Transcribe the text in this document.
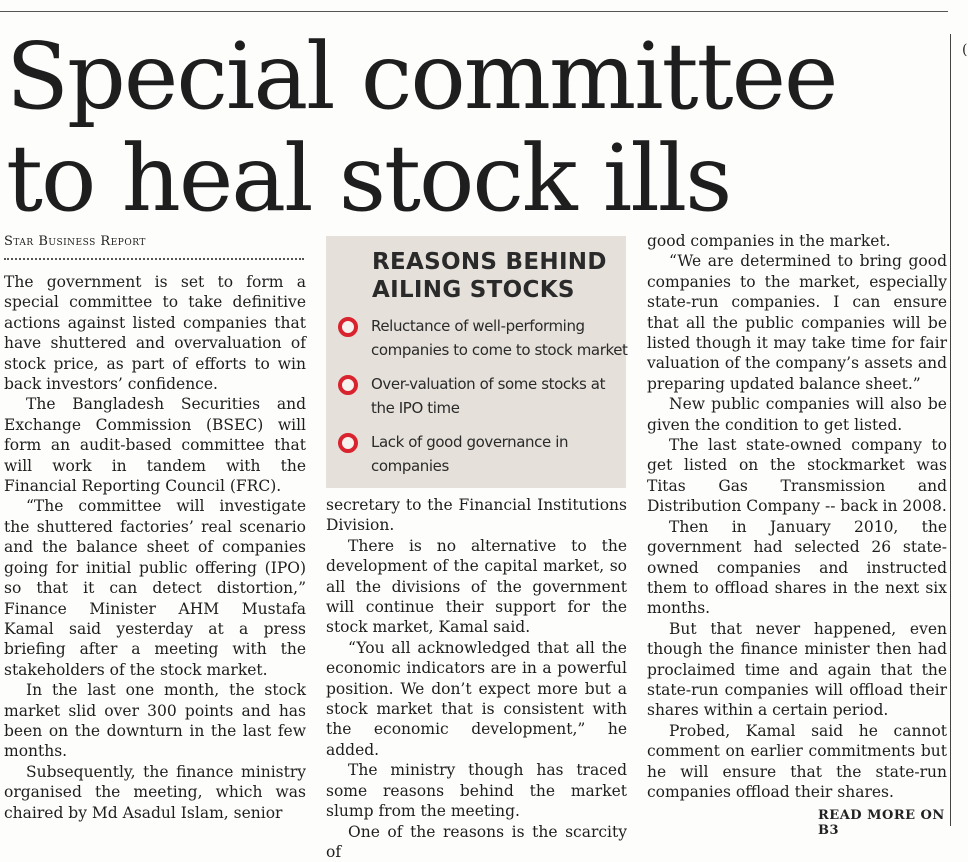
(
Special committee
to heal stock ills
Star Business Report

The government is set to form a special committee to take definitive actions against listed companies that have shuttered and overvaluation of stock price, as part of efforts to win back investors’ confidence.

The Bangladesh Securities and Exchange Commission (BSEC) will form an audit-based committee that will work in tandem with the Financial Reporting Council (FRC).

“The committee will investigate the shuttered factories’ real scenario and the balance sheet of companies going for initial public offering (IPO) so that it can detect distortion,” Finance Minister AHM Mustafa Kamal said yesterday at a press briefing after a meeting with the stakeholders of the stock market.

In the last one month, the stock market slid over 300 points and has been on the downturn in the last few months.

Subsequently, the finance ministry organised the meeting, which was chaired by Md Asadul Islam, senior

REASONS BEHIND
AILING STOCKS
Reluctance of well-performing
companies to come to stock market
Over-valuation of some stocks at
the IPO time
Lack of good governance in
companies

secretary to the Financial Institutions Division.

There is no alternative to the development of the capital market, so all the divisions of the government will continue their support for the stock market, Kamal said.

“You all acknowledged that all the economic indicators are in a powerful position. We don’t expect more but a stock market that is consistent with the economic development,” he added.

The ministry though has traced some reasons behind the market slump from the meeting.

One of the reasons is the scarcity of

good companies in the market.

“We are determined to bring good companies to the market, especially state-run companies. I can ensure that all the public companies will be listed though it may take time for fair valuation of the company’s assets and preparing updated balance sheet.”

New public companies will also be given the condition to get listed.

The last state-owned company to get listed on the stockmarket was Titas Gas Transmission and Distribution Company -- back in 2008.

Then in January 2010, the government had selected 26 state-owned companies and instructed them to offload shares in the next six months.

But that never happened, even though the finance minister then had proclaimed time and again that the state-run companies will offload their shares within a certain period.

Probed, Kamal said he cannot comment on earlier commitments but he will ensure that the state-run companies offload their shares.

READ MORE ON B3
